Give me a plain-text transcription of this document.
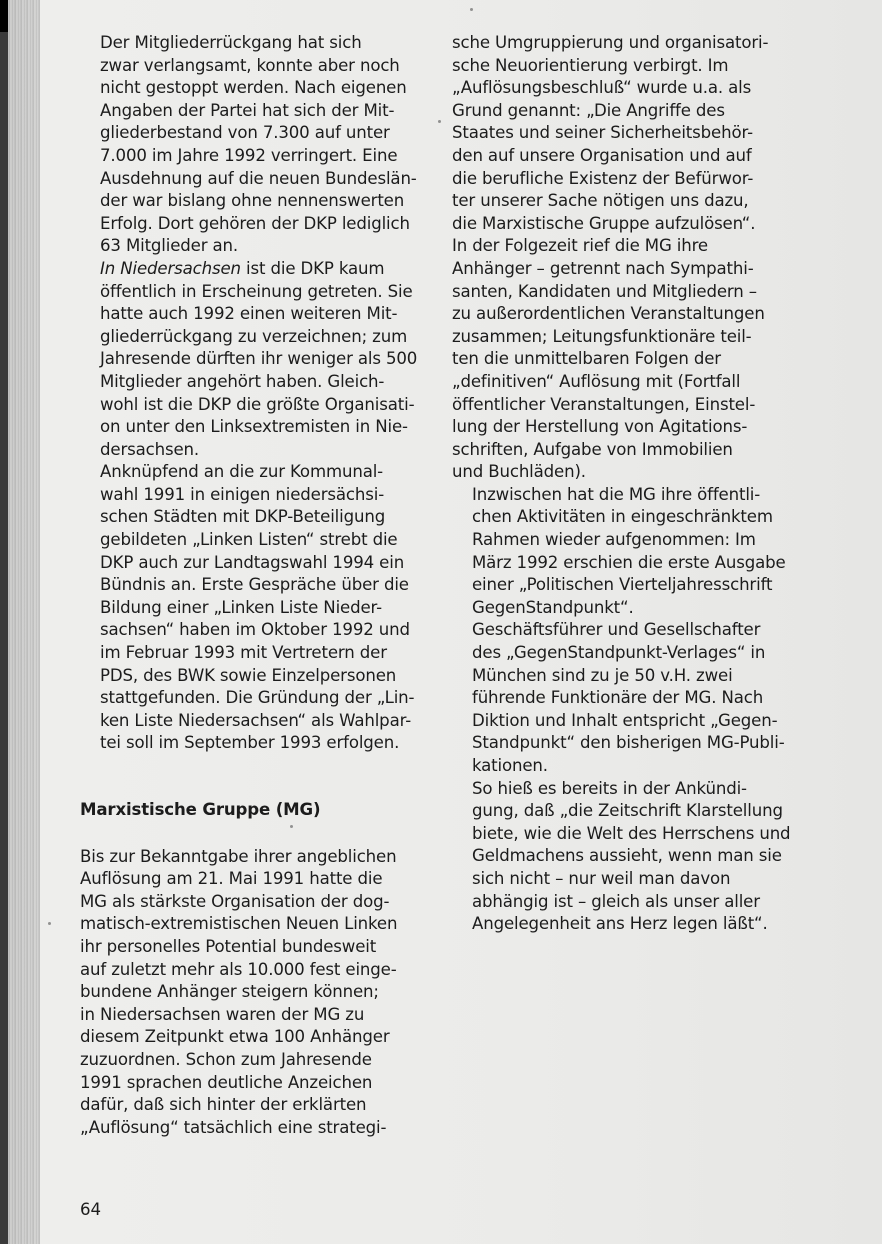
Der Mitgliederrückgang hat sich
zwar verlangsamt, konnte aber noch
nicht gestoppt werden. Nach eigenen
Angaben der Partei hat sich der Mit-
gliederbestand von 7.300 auf unter
7.000 im Jahre 1992 verringert. Eine
Ausdehnung auf die neuen Bundeslän-
der war bislang ohne nennenswerten
Erfolg. Dort gehören der DKP lediglich
63 Mitglieder an.

In Niedersachsen ist die DKP kaum
öffentlich in Erscheinung getreten. Sie
hatte auch 1992 einen weiteren Mit-
gliederrückgang zu verzeichnen; zum
Jahresende dürften ihr weniger als 500
Mitglieder angehört haben. Gleich-
wohl ist die DKP die größte Organisati-
on unter den Linksextremisten in Nie-
dersachsen.

Anknüpfend an die zur Kommunal-
wahl 1991 in einigen niedersächsi-
schen Städten mit DKP-Beteiligung
gebildeten „Linken Listen“ strebt die
DKP auch zur Landtagswahl 1994 ein
Bündnis an. Erste Gespräche über die
Bildung einer „Linken Liste Nieder-
sachsen“ haben im Oktober 1992 und
im Februar 1993 mit Vertretern der
PDS, des BWK sowie Einzelpersonen
stattgefunden. Die Gründung der „Lin-
ken Liste Niedersachsen“ als Wahlpar-
tei soll im September 1993 erfolgen.

Marxistische Gruppe (MG)

Bis zur Bekanntgabe ihrer angeblichen
Auflösung am 21. Mai 1991 hatte die
MG als stärkste Organisation der dog-
matisch-extremistischen Neuen Linken
ihr personelles Potential bundesweit
auf zuletzt mehr als 10.000 fest einge-
bundene Anhänger steigern können;
in Niedersachsen waren der MG zu
diesem Zeitpunkt etwa 100 Anhänger
zuzuordnen. Schon zum Jahresende
1991 sprachen deutliche Anzeichen
dafür, daß sich hinter der erklärten
„Auflösung“ tatsächlich eine strategi-

sche Umgruppierung und organisatori-
sche Neuorientierung verbirgt. Im
„Auflösungsbeschluß“ wurde u.a. als
Grund genannt: „Die Angriffe des
Staates und seiner Sicherheitsbehör-
den auf unsere Organisation und auf
die berufliche Existenz der Befürwor-
ter unserer Sache nötigen uns dazu,
die Marxistische Gruppe aufzulösen“.
In der Folgezeit rief die MG ihre
Anhänger – getrennt nach Sympathi-
santen, Kandidaten und Mitgliedern –
zu außerordentlichen Veranstaltungen
zusammen; Leitungsfunktionäre teil-
ten die unmittelbaren Folgen der
„definitiven“ Auflösung mit (Fortfall
öffentlicher Veranstaltungen, Einstel-
lung der Herstellung von Agitations-
schriften, Aufgabe von Immobilien
und Buchläden).

Inzwischen hat die MG ihre öffentli-
chen Aktivitäten in eingeschränktem
Rahmen wieder aufgenommen: Im
März 1992 erschien die erste Ausgabe
einer „Politischen Vierteljahresschrift
GegenStandpunkt“.

Geschäftsführer und Gesellschafter
des „GegenStandpunkt-Verlages“ in
München sind zu je 50 v.H. zwei
führende Funktionäre der MG. Nach
Diktion und Inhalt entspricht „Gegen-
Standpunkt“ den bisherigen MG-Publi-
kationen.

So hieß es bereits in der Ankündi-
gung, daß „die Zeitschrift Klarstellung
biete, wie die Welt des Herrschens und
Geldmachens aussieht, wenn man sie
sich nicht – nur weil man davon
abhängig ist – gleich als unser aller
Angelegenheit ans Herz legen läßt“.

64
